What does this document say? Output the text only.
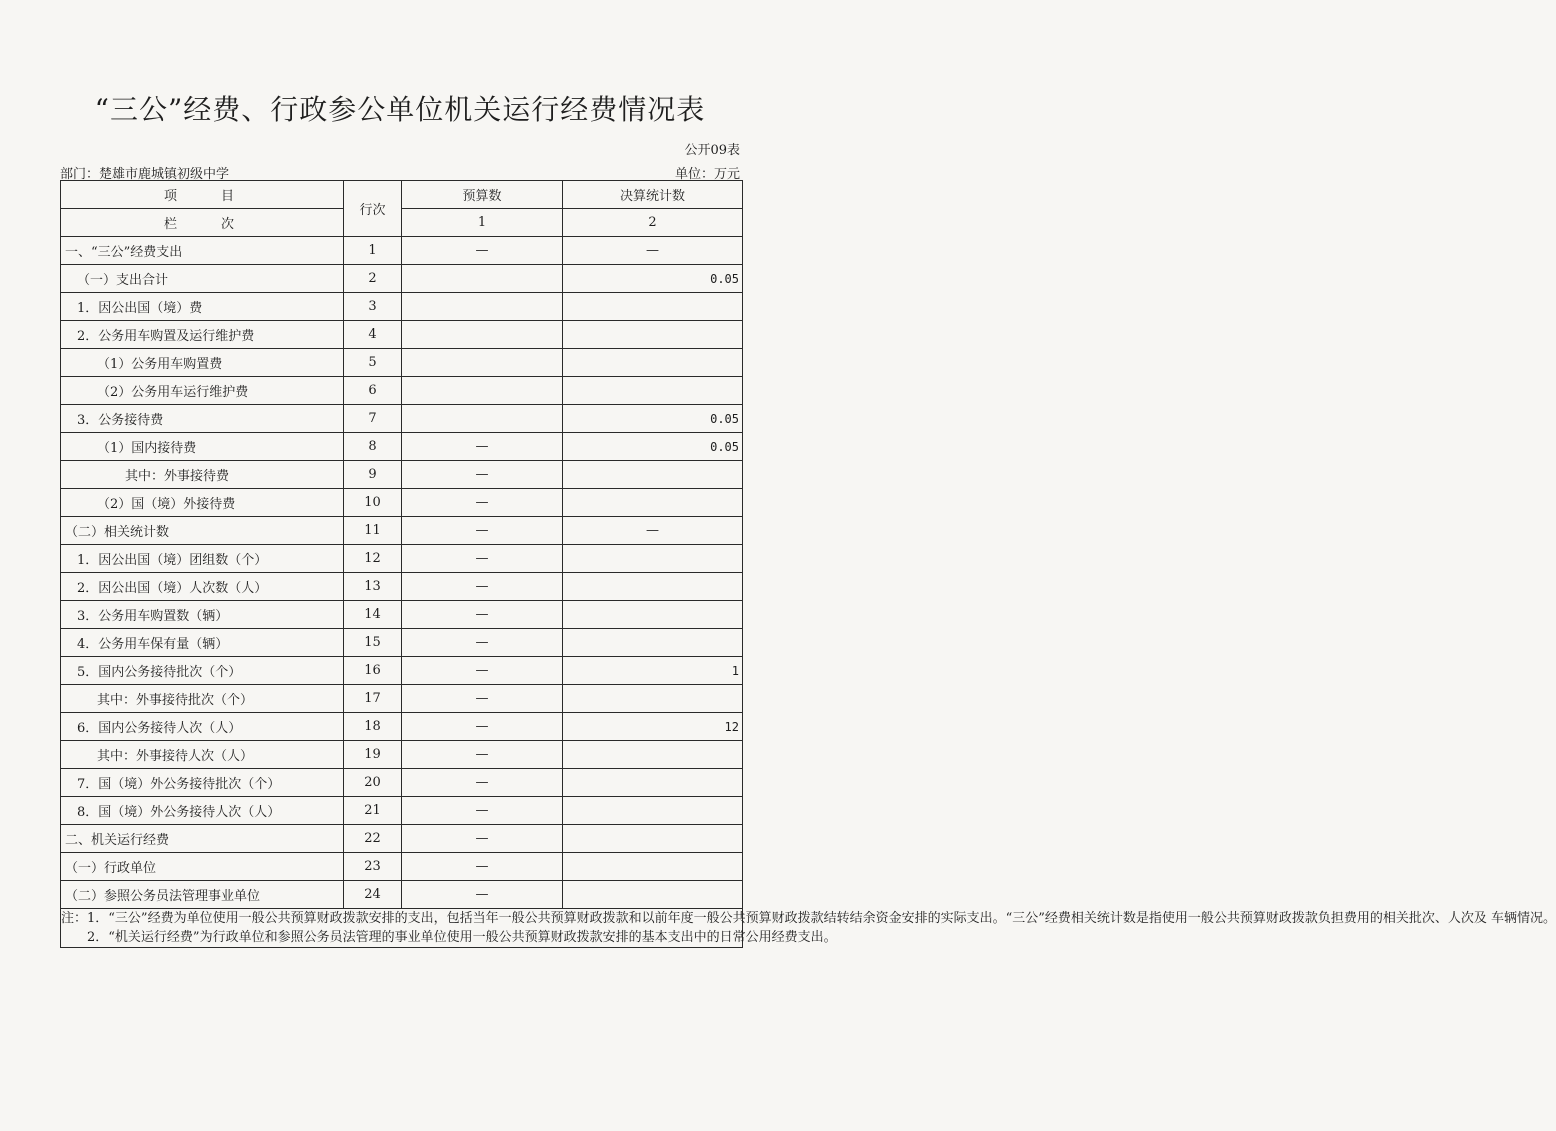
“三公”经费、行政参公单位机关运行经费情况表
公开09表
部门：楚雄市鹿城镇初级中学	单位：万元
项　　目	行次	预算数	决算统计数
栏　　次		1	2
一、“三公”经费支出	1	—	—
（一）支出合计	2		0.05
1．因公出国（境）费	3		
2．公务用车购置及运行维护费	4		
（1）公务用车购置费	5		
（2）公务用车运行维护费	6		
3．公务接待费	7		0.05
（1）国内接待费	8	—	0.05
其中：外事接待费	9	—	
（2）国（境）外接待费	10	—	
（二）相关统计数	11	—	—
1．因公出国（境）团组数（个）	12	—	
2．因公出国（境）人次数（人）	13	—	
3．公务用车购置数（辆）	14	—	
4．公务用车保有量（辆）	15	—	
5．国内公务接待批次（个）	16	—	1
其中：外事接待批次（个）	17	—	
6．国内公务接待人次（人）	18	—	12
其中：外事接待人次（人）	19	—	
7．国（境）外公务接待批次（个）	20	—	
8．国（境）外公务接待人次（人）	21	—	
二、机关运行经费	22	—	
（一）行政单位	23	—	
（二）参照公务员法管理事业单位	24	—	

注：1．“三公”经费为单位使用一般公共预算财政拨款安排的支出，包括当年一般公共预算财政拨款和以前年度一般公共预算财政拨款结转结余资金安排的实际支出。“三公”经费相关统计数是指使用一般公共预算财政拨款负担费用的相关批次、人次及 车辆情况。

2．“机关运行经费”为行政单位和参照公务员法管理的事业单位使用一般公共预算财政拨款安排的基本支出中的日常公用经费支出。			
